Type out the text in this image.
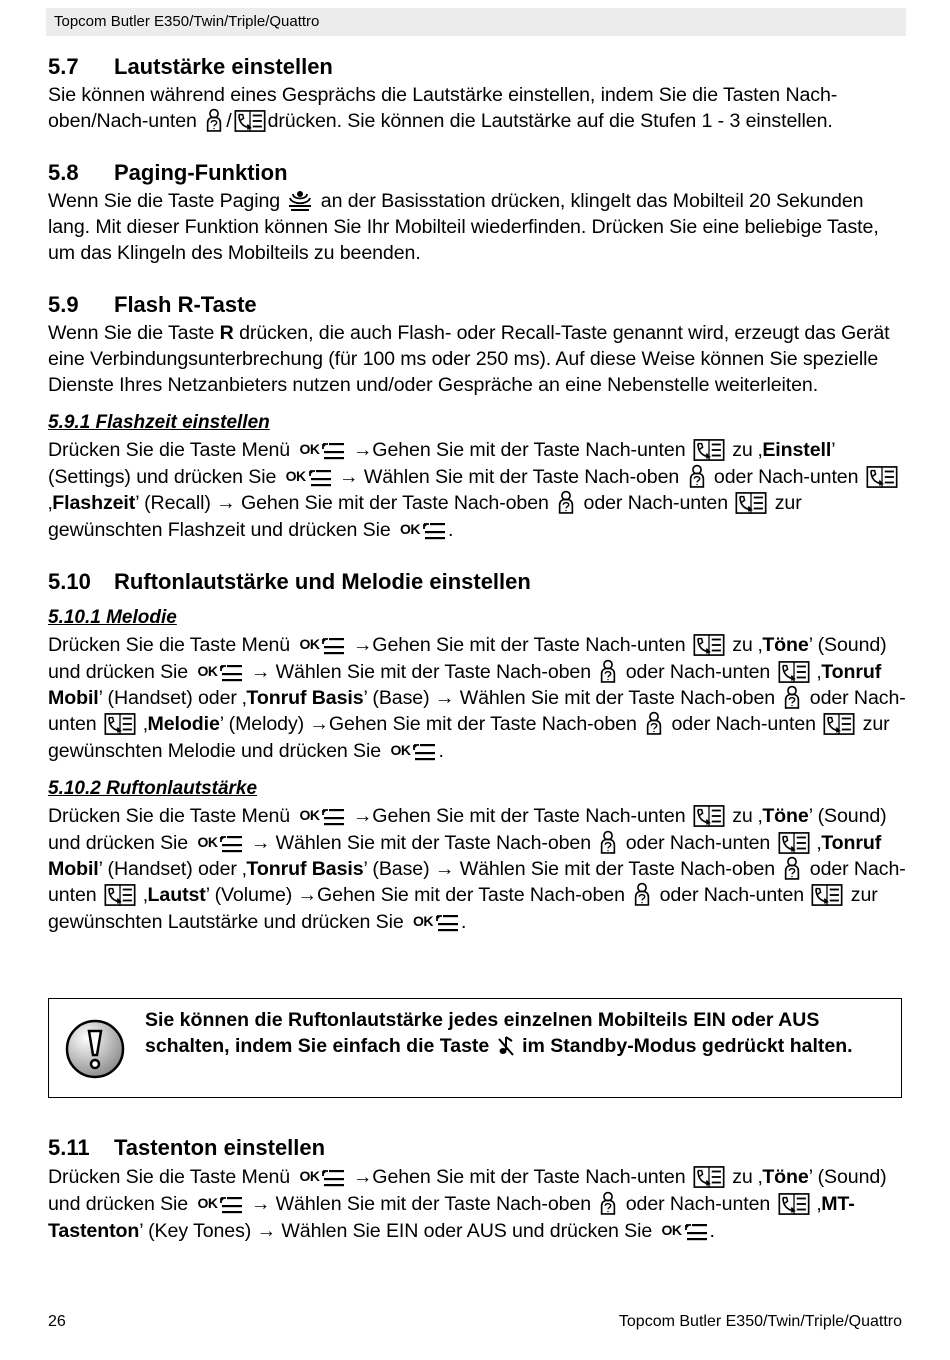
Topcom Butler E350/Twin/Triple/Quattro
5.7 Lautstärke einstellen

Sie können während eines Gesprächs die Lautstärke einstellen, indem Sie die Tasten Nach-oben/Nach-unten / drücken. Sie können die Lautstärke auf die Stufen 1 - 3 einstellen.

5.8 Paging-Funktion

Wenn Sie die Taste Paging an der Basisstation drücken, klingelt das Mobilteil 20 Sekunden lang. Mit dieser Funktion können Sie Ihr Mobilteil wiederfinden. Drücken Sie eine beliebige Taste, um das Klingeln des Mobilteils zu beenden.

5.9 Flash R-Taste

Wenn Sie die Taste R drücken, die auch Flash- oder Recall-Taste genannt wird, erzeugt das Gerät eine Verbindungsunterbrechung (für 100 ms oder 250 ms). Auf diese Weise können Sie spezielle Dienste Ihres Netzanbieters nutzen und/oder Gespräche an eine Nebenstelle weiterleiten.

5.9.1 Flashzeit einstellen

Drücken Sie die Taste Menü OK →Gehen Sie mit der Taste Nach-unten zu ‚Einstell’ (Settings) und drücken Sie OK → Wählen Sie mit der Taste Nach-oben oder Nach-unten  ‚Flashzeit’ (Recall) → Gehen Sie mit der Taste Nach-oben oder Nach-unten zur gewünschten Flashzeit und drücken Sie OK .

5.10 Ruftonlautstärke und Melodie einstellen
5.10.1 Melodie

Drücken Sie die Taste Menü OK →Gehen Sie mit der Taste Nach-unten zu ‚Töne’ (Sound) und drücken Sie OK → Wählen Sie mit der Taste Nach-oben oder Nach-unten ‚Tonruf Mobil’ (Handset) oder ‚Tonruf Basis’ (Base) → Wählen Sie mit der Taste Nach-oben oder Nach-unten ‚Melodie’ (Melody) →Gehen Sie mit der Taste Nach-oben oder Nach-unten zur gewünschten Melodie und drücken Sie OK .

5.10.2 Ruftonlautstärke

Drücken Sie die Taste Menü OK →Gehen Sie mit der Taste Nach-unten zu ‚Töne’ (Sound) und drücken Sie OK → Wählen Sie mit der Taste Nach-oben oder Nach-unten ‚Tonruf Mobil’ (Handset) oder ‚Tonruf Basis’ (Base) → Wählen Sie mit der Taste Nach-oben oder Nach-unten ‚Lautst’ (Volume) →Gehen Sie mit der Taste Nach-oben oder Nach-unten zur gewünschten Lautstärke und drücken Sie OK .

Sie können die Ruftonlautstärke jedes einzelnen Mobilteils EIN oder AUS schalten, indem Sie einfach die Taste im Standby-Modus gedrückt halten.
5.11 Tastenton einstellen

Drücken Sie die Taste Menü OK →Gehen Sie mit der Taste Nach-unten zu ‚Töne’ (Sound) und drücken Sie OK → Wählen Sie mit der Taste Nach-oben oder Nach-unten ‚MT-Tastenton’ (Key Tones) → Wählen Sie EIN oder AUS und drücken Sie OK .

26	Topcom Butler E350/Twin/Triple/Quattro
